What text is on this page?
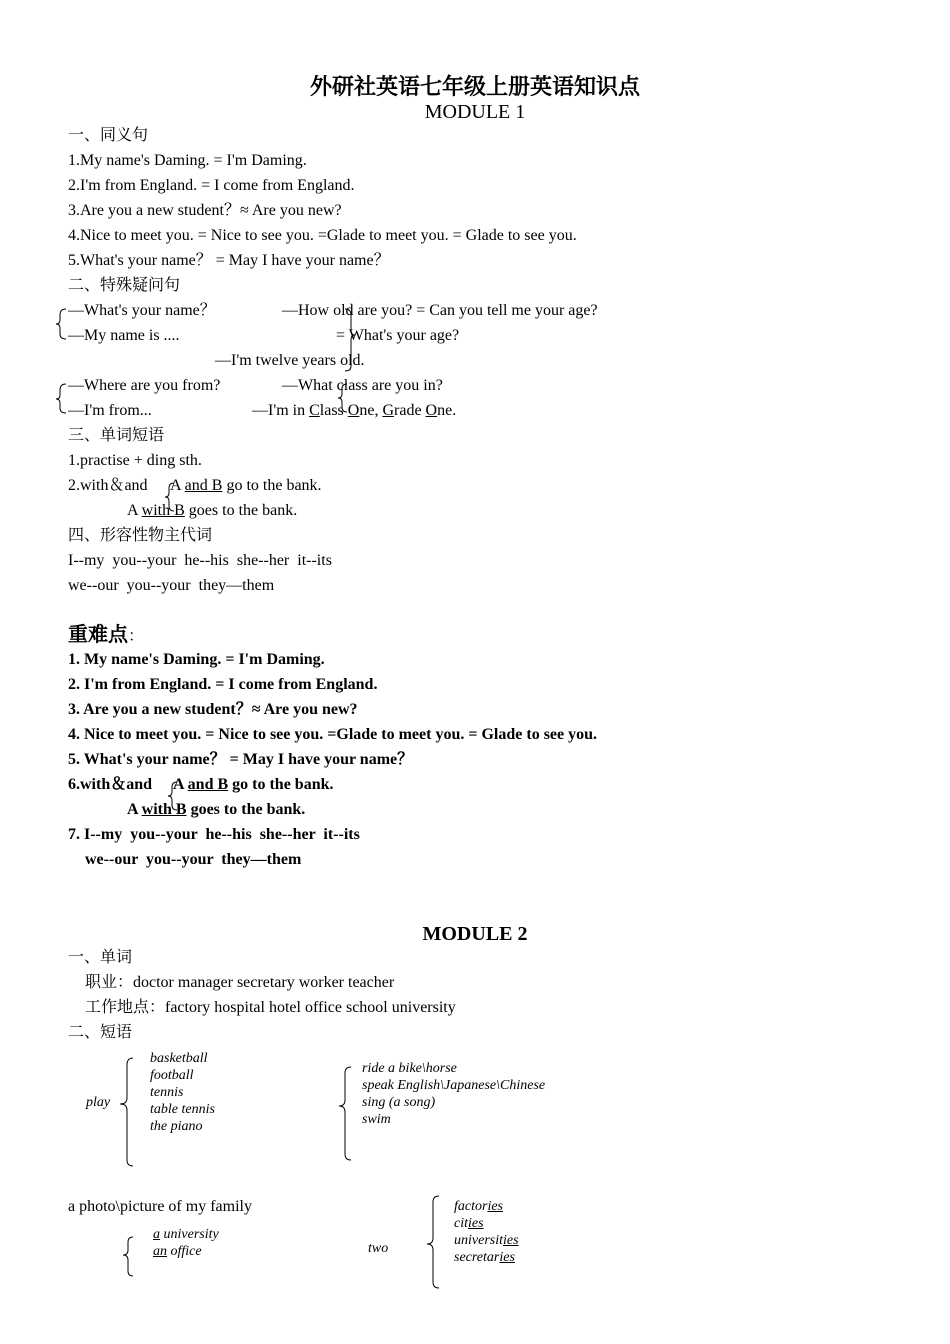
外研社英语七年级上册英语知识点
MODULE 1
一、同义句
1.My name's Daming. = I'm Daming.
2.I'm from England. = I come from England.
3.Are you a new student？≈ Are you new?
4.Nice to meet you. = Nice to see you. =Glade to meet you. = Glade to see you.
5.What's your name？ = May I have your name？
二、特殊疑问句
—What's your name？
—My name is ....
—How old are you? = Can you tell me your age?
= What's your age?
—I'm twelve years old.
—Where are you from?
—I'm from...
—What class are you in?
—I'm in Class One, Grade One.
三、单词短语
1.practise + ding sth.
2.with＆and A and B go to the bank.
A with B goes to the bank.
四、形容性物主代词
I--my  you--your  he--his  she--her  it--its
we--our  you--your  they—them
重难点：
1. My name's Daming. = I'm Daming.
2. I'm from England. = I come from England.
3. Are you a new student？≈ Are you new?
4. Nice to meet you. = Nice to see you. =Glade to meet you. = Glade to see you.
5. What's your name？ = May I have your name？
6.with＆and A and B go to the bank.
A with B goes to the bank.
7. I--my  you--your  he--his  she--her  it--its
we--our  you--your  they—them
MODULE 2
一、单词
职业：doctor manager secretary worker teacher
工作地点：factory hospital hotel office school university
二、短语
play
basketball
football
tennis
table tennis
the piano
ride a bike\horse
speak English\Japanese\Chinese
sing (a song)
swim
a photo\picture of my family
a university
an office	two
factories
cities
universities
secretaries
